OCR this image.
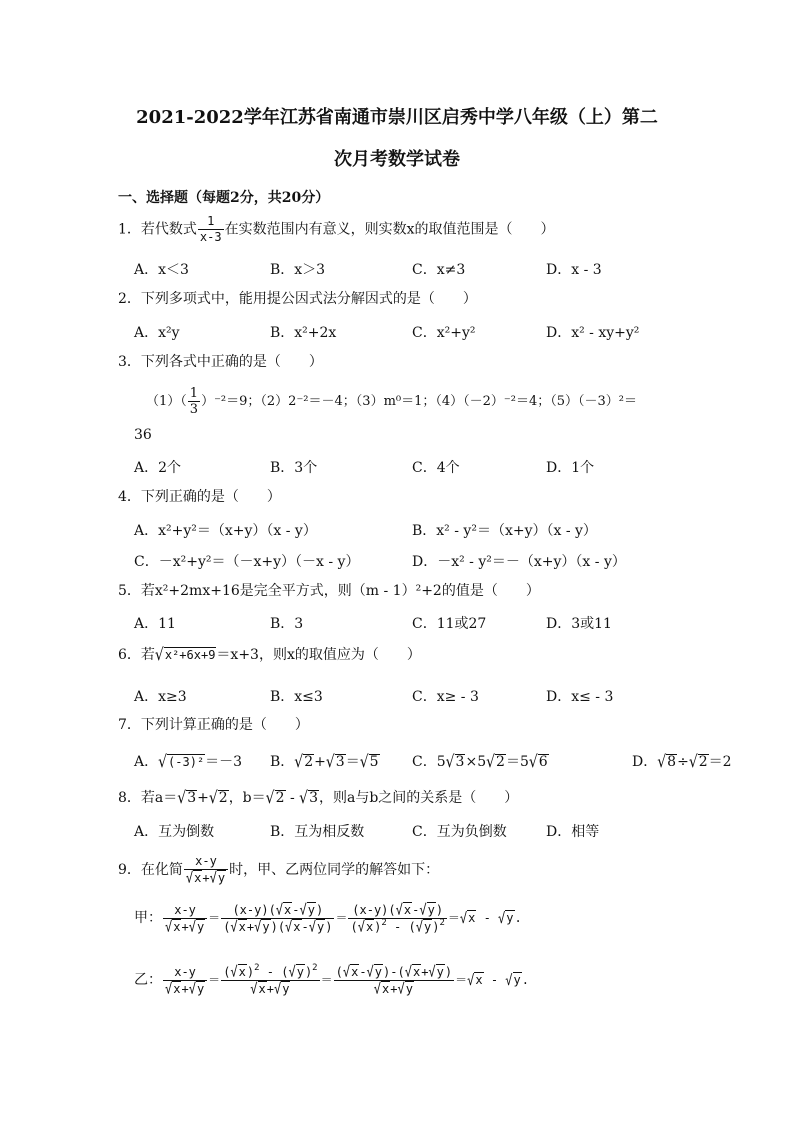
2021-2022学年江苏省南通市崇川区启秀中学八年级（上）第二
次月考数学试卷
一、选择题（每题2分，共20分）
1．若代数式 $\frac{1}{x-3}$ 在实数范围内有意义，则实数x的取值范围是（　　）
A．x＜3	B．x＞3	C．x≠3	D．x - 3
2．下列多项式中，能用提公因式法分解因式的是（　　）
A．x²y	B．x²+2x	C．x²+y²	D．x² - xy+y²
3．下列各式中正确的是（　　）
$(1)( \frac{1}{3} )^{-2}=9$；（2）2⁻²＝－4；（3）m⁰＝1；（4）（－2）⁻²＝4；（5）（－3）²＝
36
A．2个	B．3个	C．4个	D．1个
4．下列正确的是（　　）
A．x²+y²＝（x+y）（x - y）	B．x² - y²＝（x+y）（x - y）
C．－x²+y²＝（－x+y）（－x - y）	D．－x² - y²＝－（x+y）（x - y）
5．若x²+2mx+16是完全平方式，则（m - 1）²+2的值是（　　）
A．11	B．3	C．11或27	D．3或11
6．若√x²+6x+9＝x+3，则x的取值应为（　　）
A．x≥3	B．x≤3	C．x≥ - 3	D．x≤ - 3
7．下列计算正确的是（　　）
A．√(-3)²＝－3 B．√2+√3＝√5 C．5√3×5√2＝5√6	D．√8÷√2＝2
8．若a＝√3+√2，b＝√2 - √3，则a与b之间的关系是（　　）
A．互为倒数	B．互为相反数	C．互为负倒数	D．相等
9．在化简 $\frac{x-y}{√x+√y}$ 时，甲、乙两位同学的解答如下：
甲： $\frac{x-y}{√x+√y} = \frac{(x-y)(√x-√y)}{(√x+√y)(√x-√y)} = \frac{(x-y)(√x-√y)}{(√x)^2 - (√y)^2} =√x - √y$.
乙： $\frac{x-y}{√x+√y} = \frac{(√x)^2 - (√y)^2}{√x+√y} = \frac{(√x-√y)-(√x+√y)}{√x+√y} =√x - √y$.
